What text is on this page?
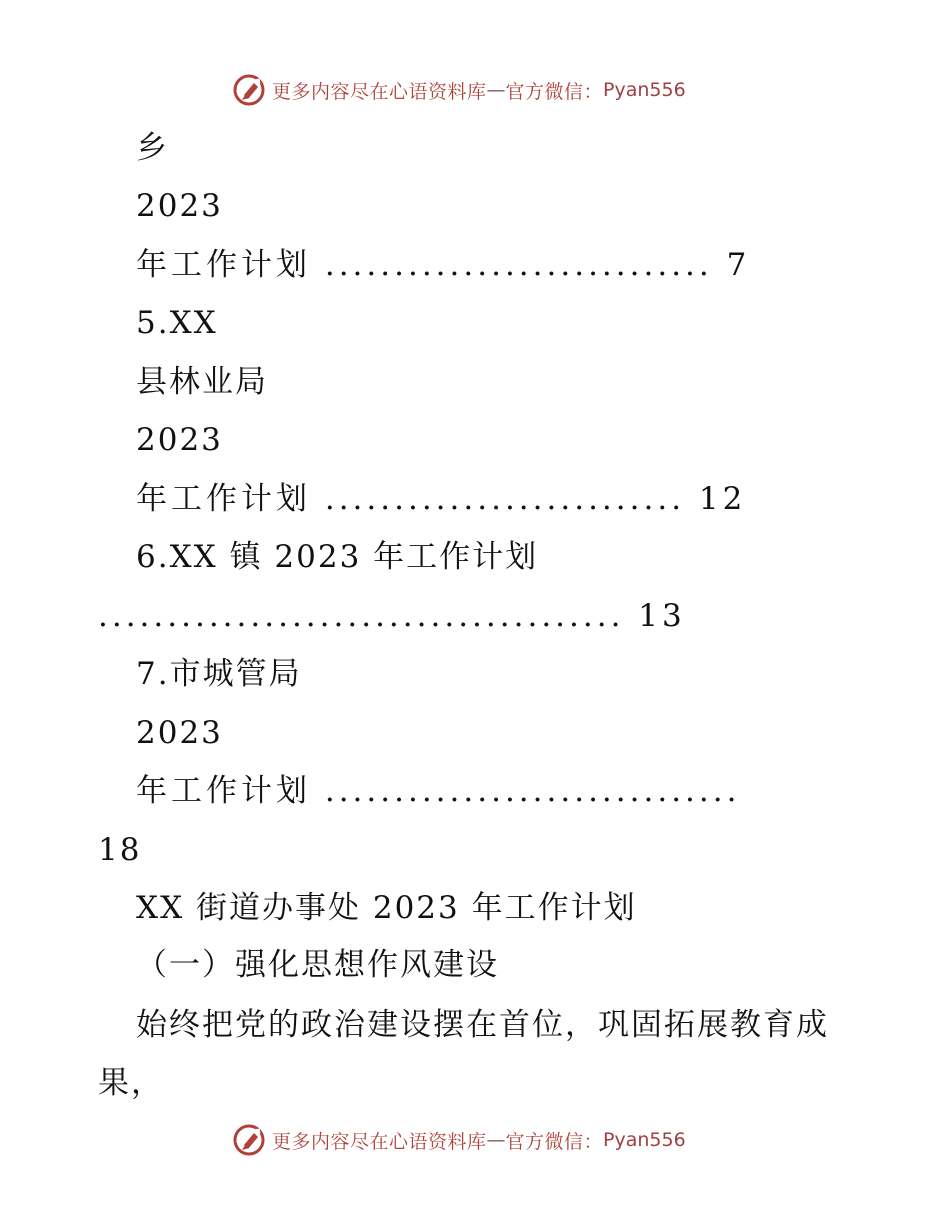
更多内容尽在心语资料库 — 官方微信： Pyan556
乡
2023
年工作计划 ............................ 7
5.XX
县林业局
2023
年工作计划 .......................... 12
6.XX 镇 2023 年工作计划
...................................... 13
7.市城管局
2023
年工作计划 ..............................
18
XX 街道办事处 2023 年工作计划
（一）强化思想作风建设
始终把党的政治建设摆在首位，巩固拓展教育成
果，
更多内容尽在心语资料库 — 官方微信： Pyan556
